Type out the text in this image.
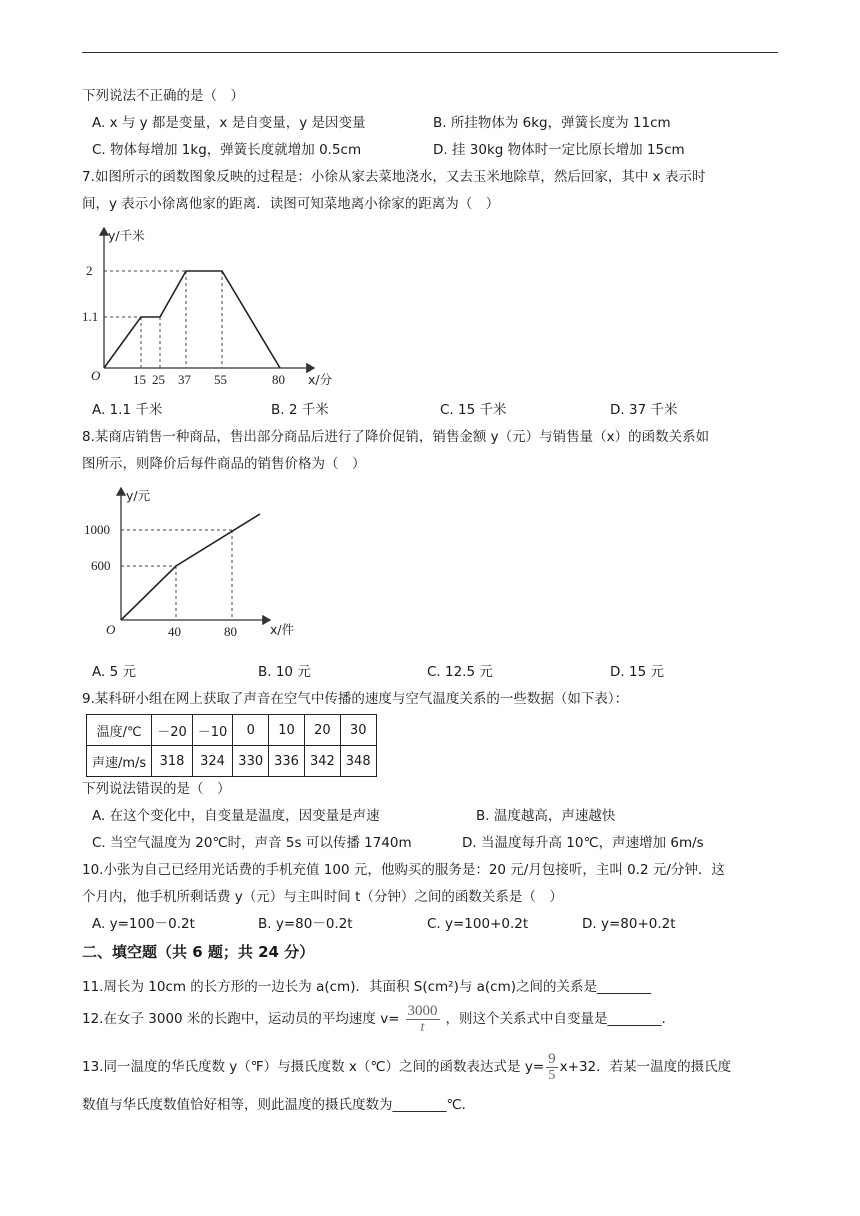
下列说法不正确的是（　）
A. x 与 y 都是变量，x 是自变量，y 是因变量	B. 所挂物体为 6kg，弹簧长度为 11cm
C. 物体每增加 1kg，弹簧长度就增加 0.5cm	D. 挂 30kg 物体时一定比原长增加 15cm
7.如图所示的函数图象反映的过程是：小徐从家去菜地浇水，又去玉米地除草，然后回家，其中 x 表示时
间，y 表示小徐离他家的距离．读图可知菜地离小徐家的距离为（　）
O
2
1.1
15 25 37 55	80
y/千米
x/分
A. 1.1 千米	B. 2 千米	C. 15 千米	D. 37 千米
8.某商店销售一种商品，售出部分商品后进行了降价促销，销售金额 y（元）与销售量（x）的函数关系如
图所示，则降价后每件商品的销售价格为（　）
O
1000
600
40	80
y/元
x/件
A. 5 元	B. 10 元	C. 12.5 元	D. 15 元
9.某科研小组在网上获取了声音在空气中传播的速度与空气温度关系的一些数据（如下表）：
温度/℃	－20	－10	0	10	20	30
声速/m/s	318	324	330	336	342	348
下列说法错误的是（　）
A. 在这个变化中，自变量是温度，因变量是声速	B. 温度越高，声速越快
C. 当空气温度为 20℃时，声音 5s 可以传播 1740m	D. 当温度每升高 10℃，声速增加 6m/s
10.小张为自己已经用光话费的手机充值 100 元，他购买的服务是：20 元/月包接听，主叫 0.2 元/分钟．这
个月内，他手机所剩话费 y（元）与主叫时间 t（分钟）之间的函数关系是（　）
A. y=100－0.2t	B. y=80－0.2t	C. y=100+0.2t	D. y=80+0.2t
二、填空题（共 6 题；共 24 分）
11.周长为 10cm 的长方形的一边长为 a(cm)．其面积 S(cm²)与 a(cm)之间的关系是________
12.在女子 3000 米的长跑中，运动员的平均速度 $v= \frac{3000}{t}$ ，则这个关系式中自变量是________.
13.同一温度的华氏度数 y（℉）与摄氏度数 x（℃）之间的函数表达式是 $y= \frac{9}{5} x+32$．若某一温度的摄氏度
数值与华氏度数值恰好相等，则此温度的摄氏度数为________℃．
